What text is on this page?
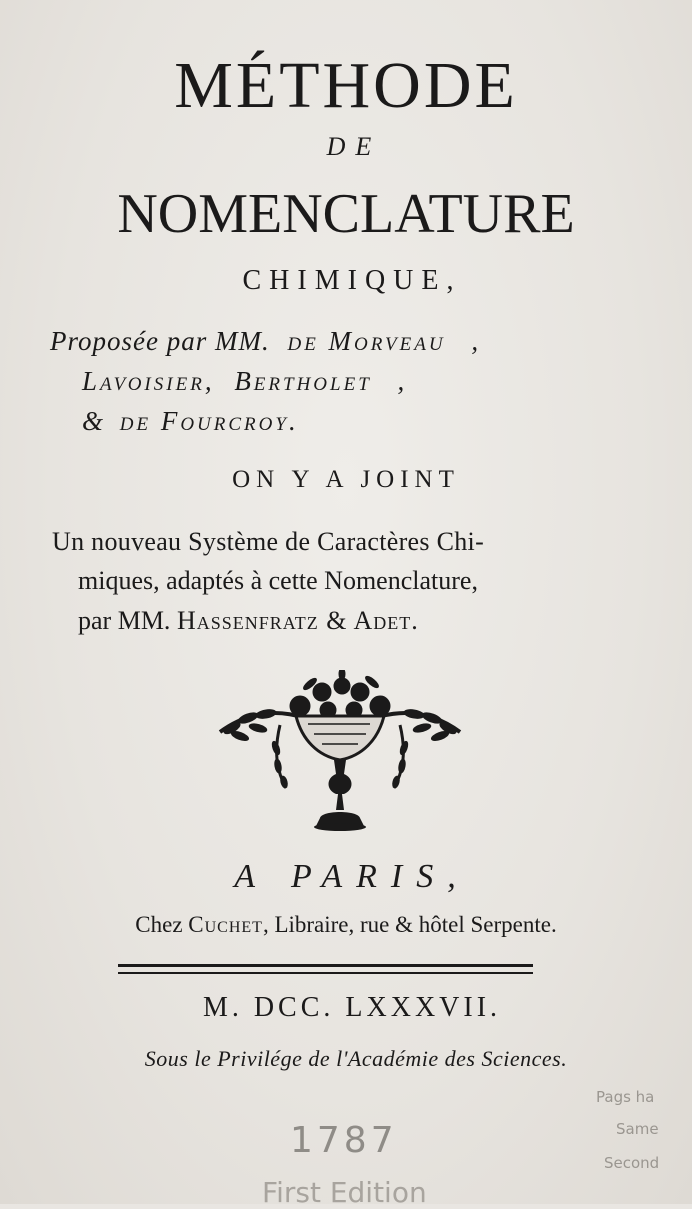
MÉTHODE
DE
NOMENCLATURE
CHIMIQUE,
Proposée par MM. de Morveau ,
Lavoisier, Bertholet ,
& de Fourcroy.
ON Y A JOINT
Un nouveau Système de Caractères Chi-
miques, adaptés à cette Nomenclature,
par MM. Hassenfratz & Adet.
A PARIS,
Chez Cuchet, Libraire, rue & hôtel Serpente.
M. DCC. LXXXVII.
Sous le Privilége de l'Académie des Sciences.
1787
Pags ha
Same
Second
First Edition
